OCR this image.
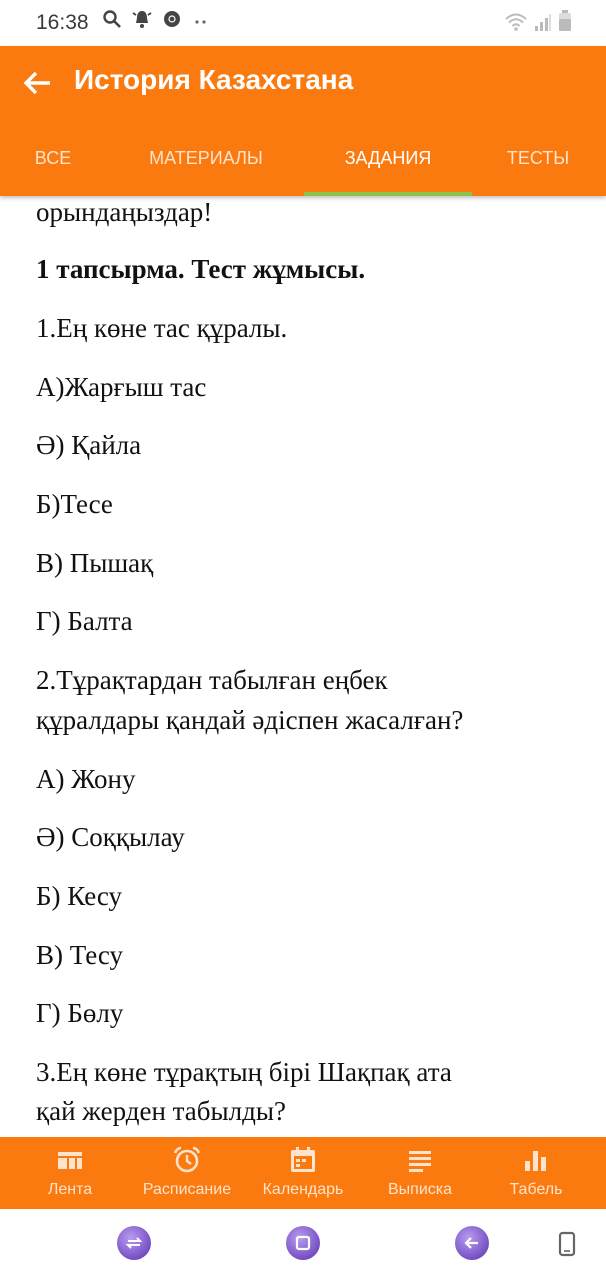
16:38
История Казахстана
ВСЕ	МАТЕРИАЛЫ	ЗАДАНИЯ	ТЕСТЫ
орындаңыздар!
1 тапсырма. Тест жұмысы.
1.Ең көне тас құралы.
А)Жарғыш тас
Ә) Қайла
Б)Тесе
В) Пышақ
Г) Балта
2.Тұрақтардан табылған еңбек
құралдары қандай әдіспен жасалған?
А) Жону
Ә) Соққылау
Б) Кесу
В) Тесу
Г) Бөлу
3.Ең көне тұрақтың бірі Шақпақ ата
қай жерден табылды?
Лента	Расписание	Календарь	Выписка	Табель
